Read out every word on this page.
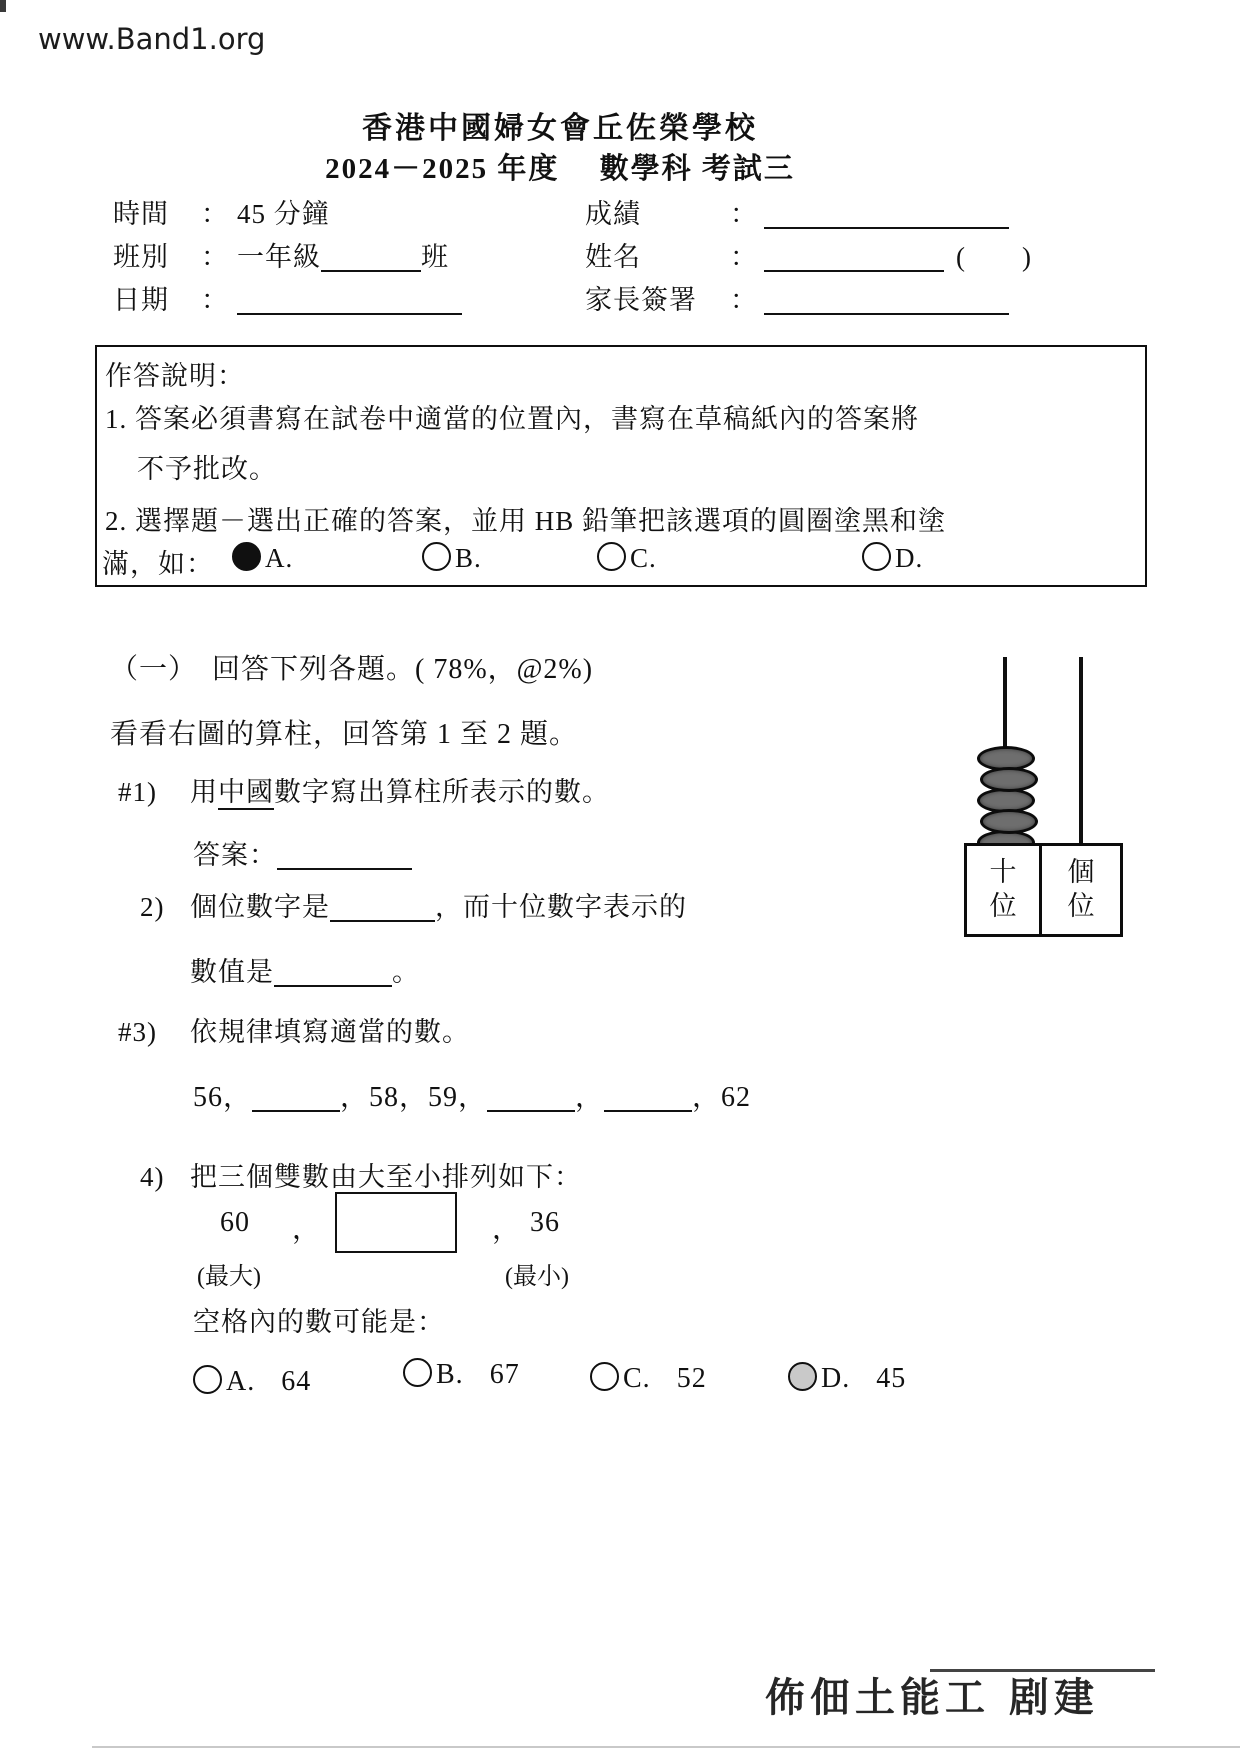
www.Band1.org
香港中國婦女會丘佐榮學校
2024－2025 年度　 數學科 考試三
時間 ： 45 分鐘	成績	：
班別 ： 一年級	班	姓名	：	(　　)
日期 ：	家長簽署 ：
作答說明：
1. 答案必須書寫在試卷中適當的位置內，書寫在草稿紙內的答案將
不予批改。
2. 選擇題－選出正確的答案，並用 HB 鉛筆把該選項的圓圈塗黑和塗
滿，如：	A.	B.	C.	D.
（一）　回答下列各題。( 78%，@2%)
看看右圖的算柱，回答第 1 至 2 題。
十
位
個
位
#1) 用中國數字寫出算柱所表示的數。
答案：
2) 個位數字是	，而十位數字表示的
數值是	。
#3) 依規律填寫適當的數。
56，	，58，59，	，	，62
4) 把三個雙數由大至小排列如下：
60 ，	， 36
(最大)	(最小)
空格內的數可能是：
A. 64	B. 67	C. 52	D. 45
佈佃土能工 剧建
